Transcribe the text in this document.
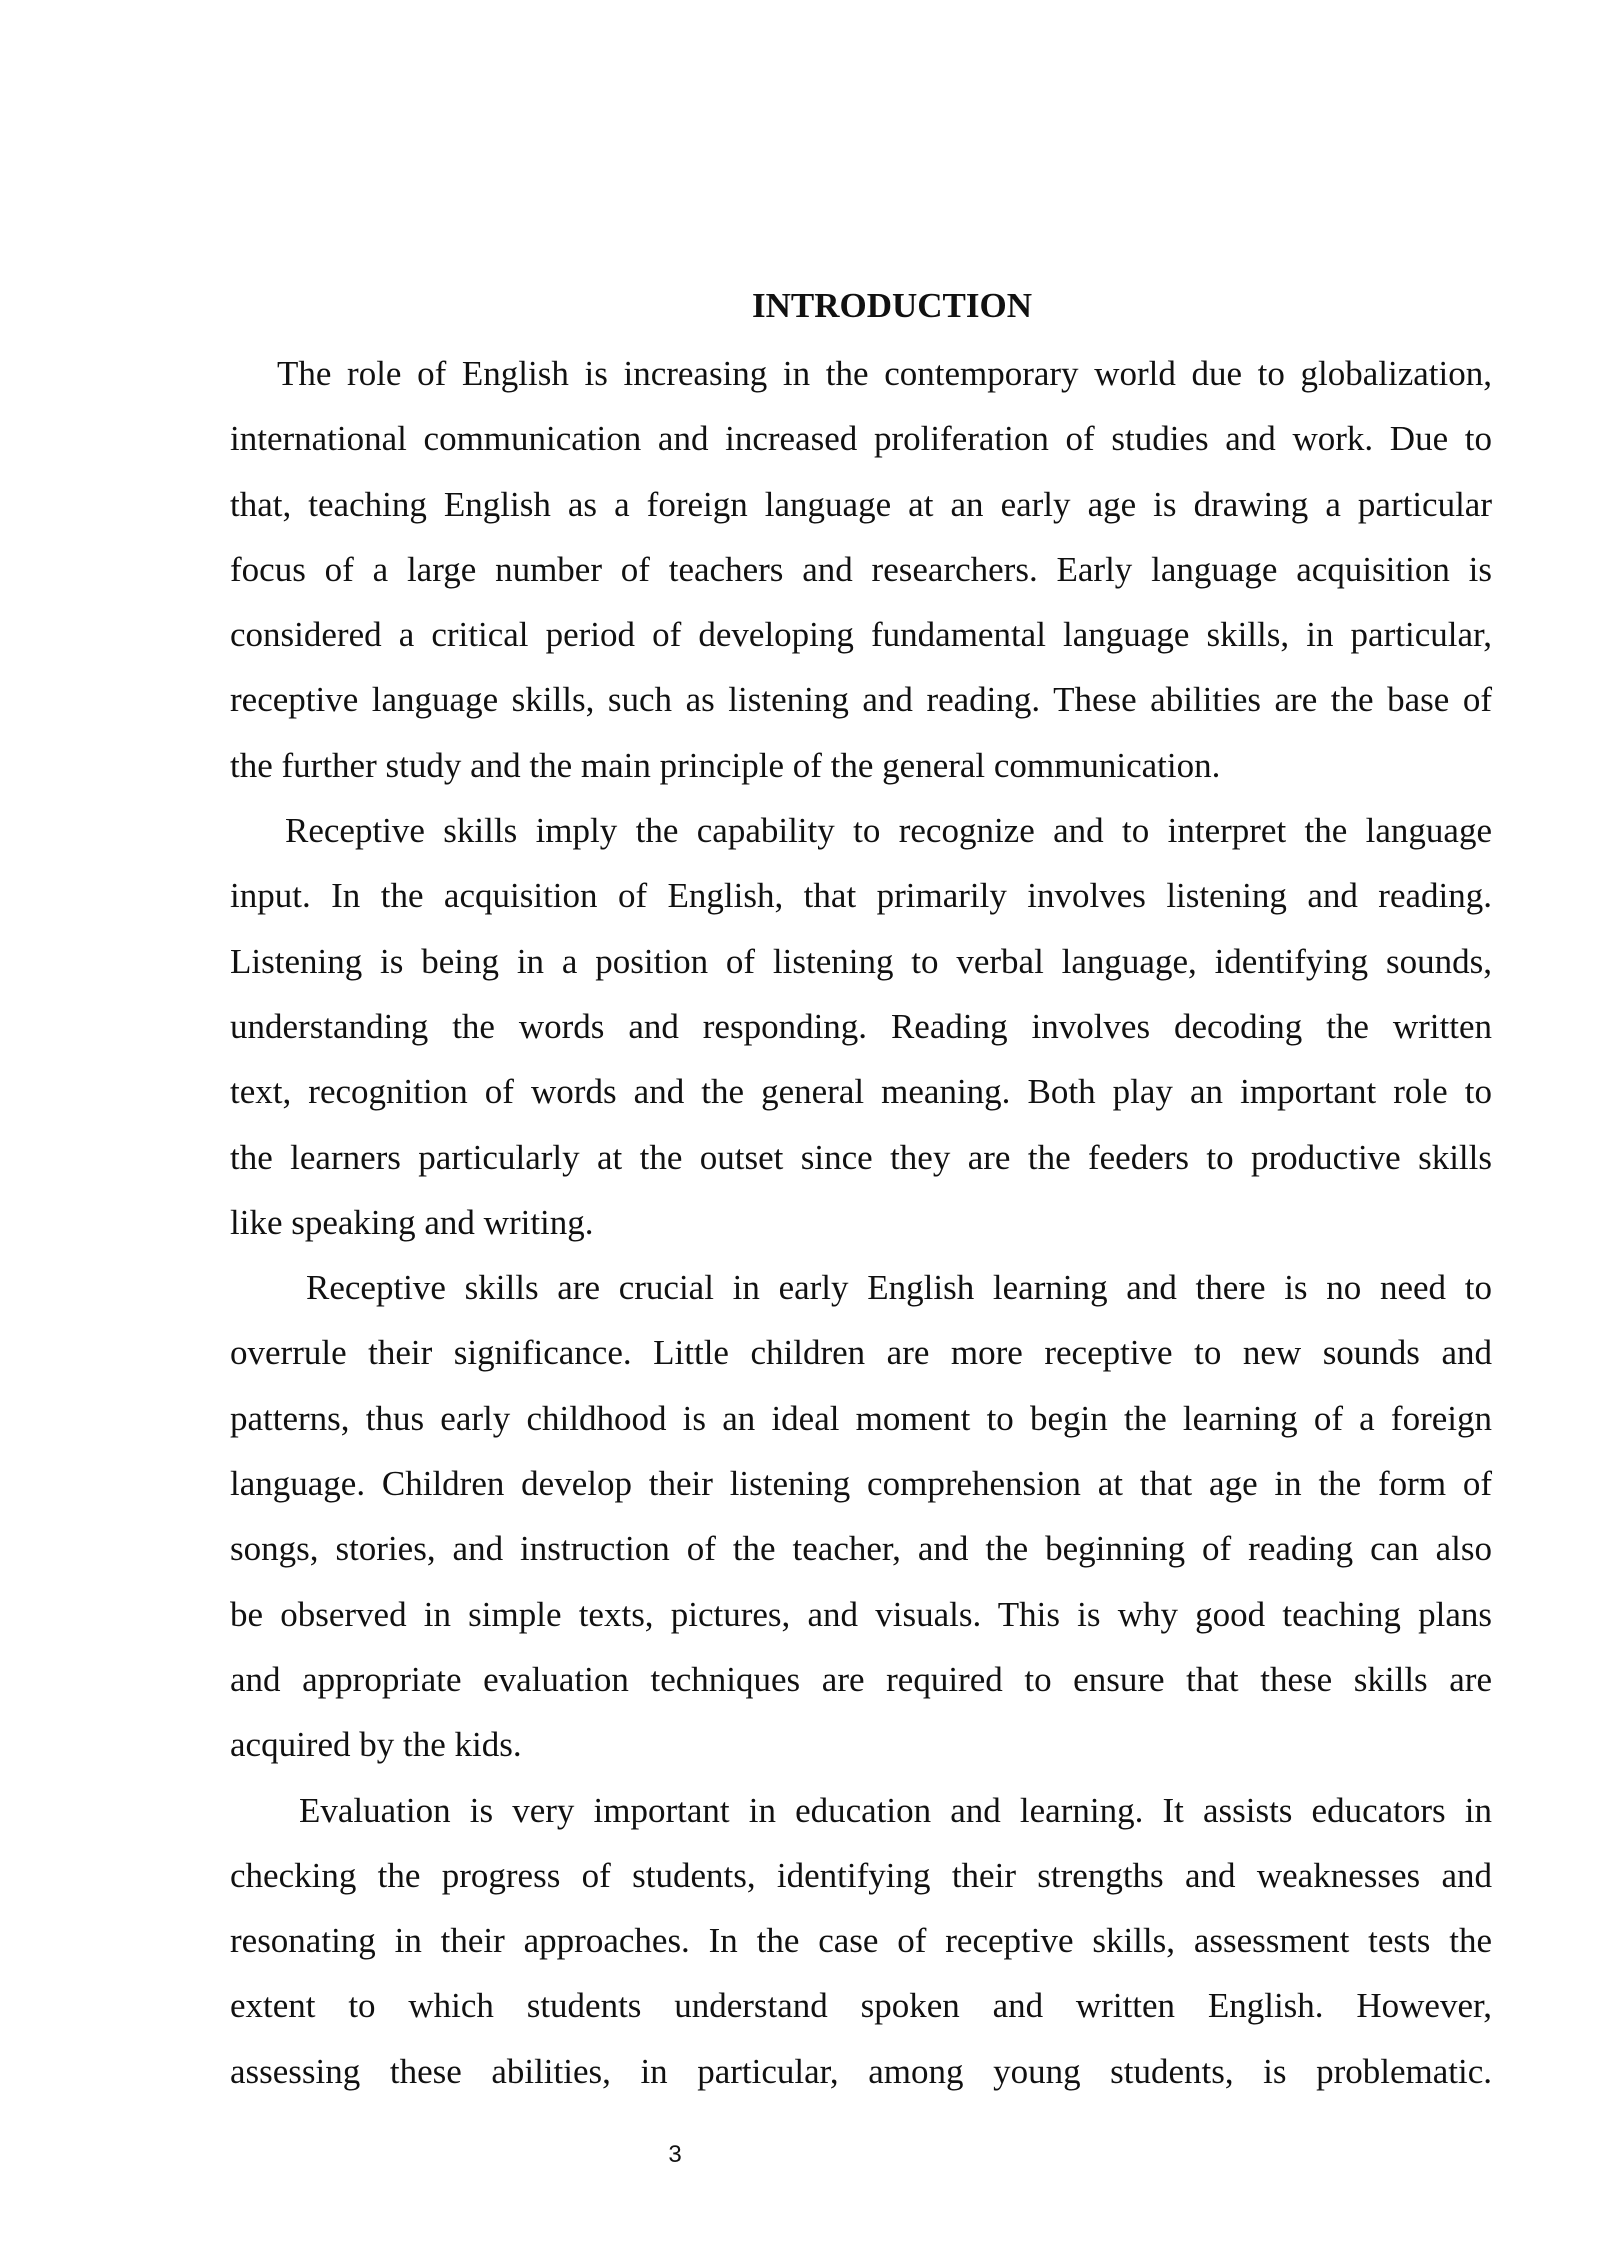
INTRODUCTION

The role of English is increasing in the contemporary world due to globalization,
international communication and increased proliferation of studies and work. Due to
that, teaching English as a foreign language at an early age is drawing a particular
focus of a large number of teachers and researchers. Early language acquisition is
considered a critical period of developing fundamental language skills, in particular,
receptive language skills, such as listening and reading. These abilities are the base of
the further study and the main principle of the general communication.

Receptive skills imply the capability to recognize and to interpret the language
input. In the acquisition of English, that primarily involves listening and reading.
Listening is being in a position of listening to verbal language, identifying sounds,
understanding the words and responding. Reading involves decoding the written
text, recognition of words and the general meaning. Both play an important role to
the learners particularly at the outset since they are the feeders to productive skills
like speaking and writing.

Receptive skills are crucial in early English learning and there is no need to
overrule their significance. Little children are more receptive to new sounds and
patterns, thus early childhood is an ideal moment to begin the learning of a foreign
language. Children develop their listening comprehension at that age in the form of
songs, stories, and instruction of the teacher, and the beginning of reading can also
be observed in simple texts, pictures, and visuals. This is why good teaching plans
and appropriate evaluation techniques are required to ensure that these skills are
acquired by the kids.

Evaluation is very important in education and learning. It assists educators in
checking the progress of students, identifying their strengths and weaknesses and
resonating in their approaches. In the case of receptive skills, assessment tests the
extent to which students understand spoken and written English. However,
assessing these abilities, in particular, among young students, is problematic.

3
